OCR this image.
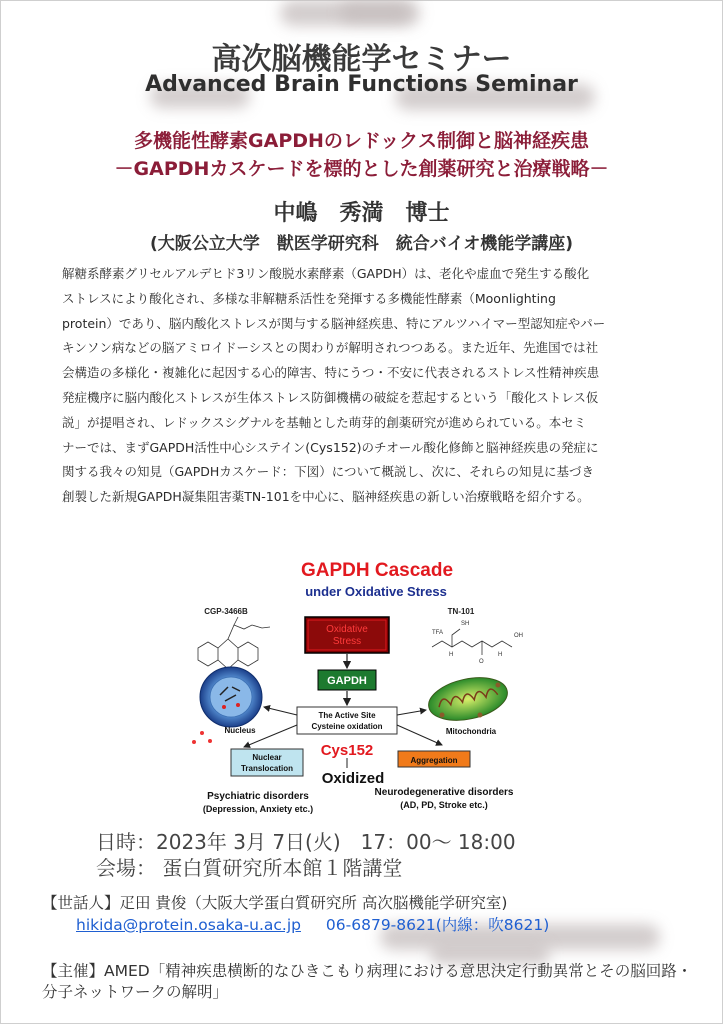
高次脳機能学セミナー
Advanced Brain Functions Seminar
多機能性酵素GAPDHのレドックス制御と脳神経疾患
－GAPDHカスケードを標的とした創薬研究と治療戦略－
中嶋　秀満　博士
(大阪公立大学　獣医学研究科　統合バイオ機能学講座)
解糖系酵素グリセルアルデヒド3リン酸脱水素酵素（GAPDH）は、老化や虚血で発生する酸化
ストレスにより酸化され、多様な非解糖系活性を発揮する多機能性酵素（Moonlighting
protein）であり、脳内酸化ストレスが関与する脳神経疾患、特にアルツハイマー型認知症やパー
キンソン病などの脳アミロイドーシスとの関わりが解明されつつある。また近年、先進国では社
会構造の多様化・複雑化に起因する心的障害、特にうつ・不安に代表されるストレス性精神疾患
発症機序に脳内酸化ストレスが生体ストレス防御機構の破綻を惹起するという「酸化ストレス仮
説」が提唱され、レドックスシグナルを基軸とした萌芽的創薬研究が進められている。本セミ
ナーでは、まずGAPDH活性中心システイン(Cys152)のチオール酸化修飾と脳神経疾患の発症に
関する我々の知見（GAPDHカスケード：下図）について概説し、次に、それらの知見に基づき
創製した新規GAPDH凝集阻害薬TN-101を中心に、脳神経疾患の新しい治療戦略を紹介する。
GAPDH Cascade
under Oxidative Stress
CGP-3466B	TN-101
SH
TFA
H
O
H
OH
Oxidative
Stress
GAPDH
The Active Site
Cysteine oxidation
Nucleus	Mitochondria
Nuclear
Translocation
Aggregation
Cys152
Oxidized
Psychiatric disorders
(Depression, Anxiety etc.)
Neurodegenerative disorders
(AD, PD, Stroke etc.)
日時：2023年 3月 7日(火)　17：00～ 18:00
会場： 蛋白質研究所本館１階講堂
【世話人】疋田 貴俊（大阪大学蛋白質研究所 高次脳機能学研究室)
hikida@protein.osaka-u.ac.jp 06-6879-8621(内線：吹8621)
【主催】AMED「精神疾患横断的なひきこもり病理における意思決定行動異常とその脳回路・分子ネットワークの解明」
